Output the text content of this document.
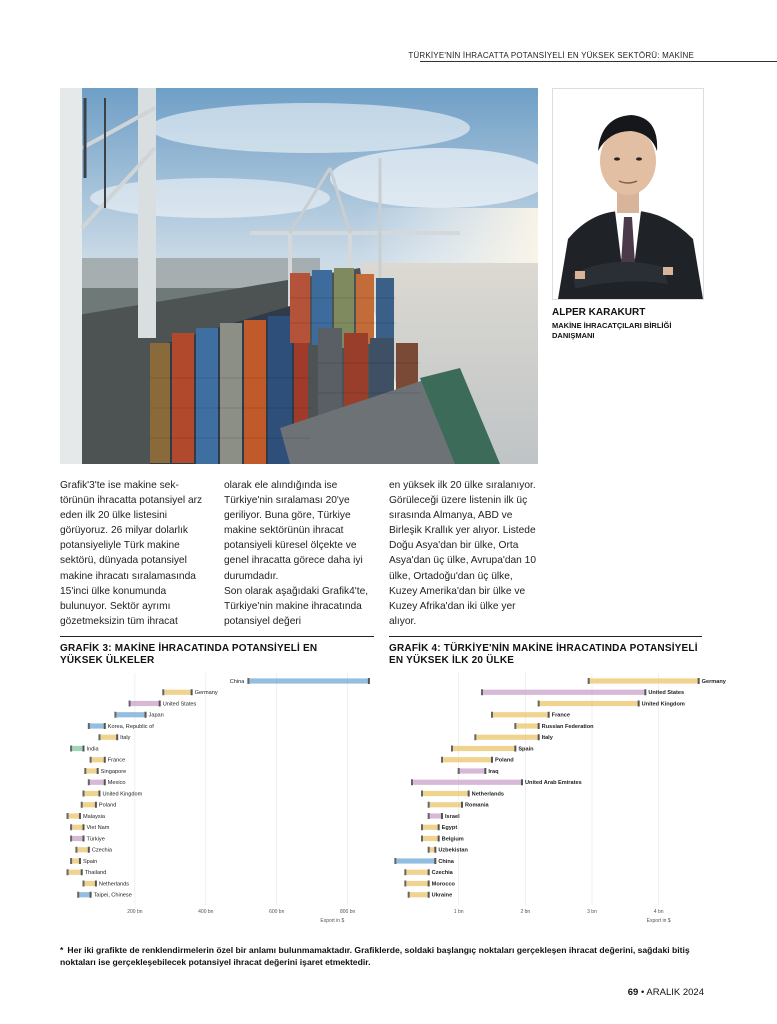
TÜRKİYE'NİN İHRACATTA POTANSİYELİ EN YÜKSEK SEKTÖRÜ: MAKİNE
ALPER KARAKURT
MAKİNE İHRACATÇILARI BİRLİĞİ DANIŞMANI

Grafik'3'te ise makine sektörünün ihracatta potansiyel arz eden ilk 20 ülke listesini görüyoruz. 26 milyar dolarlık potansiyeliyle Türk makine sektörü, dünyada potansiyel makine ihracatı sıralamasında 15'inci ülke konumunda bulunuyor. Sektör ayrımı gözetmeksizin tüm ihracat

olarak ele alındığında ise Türkiye'nin sıralaması 20'ye geriliyor. Buna göre, Türkiye makine sektörünün ihracat potansiyeli küresel ölçekte ve genel ihracatta görece daha iyi durumdadır.

Son olarak aşağıdaki Grafik4'te, Türkiye'nin makine ihracatında potansiyel değeri

en yüksek ilk 20 ülke sıralanıyor. Görüleceği üzere listenin ilk üç sırasında Almanya, ABD ve Birleşik Krallık yer alıyor. Listede Doğu Asya'dan bir ülke, Orta Asya'dan üç ülke, Avrupa'dan 10 ülke, Ortadoğu'dan üç ülke, Kuzey Amerika'dan bir ülke ve Kuzey Afrika'dan iki ülke yer alıyor.

GRAFİK 3: MAKİNE İHRACATINDA POTANSİYELİ EN YÜKSEK ÜLKELER
GRAFİK 4: TÜRKİYE'NİN MAKİNE İHRACATINDA POTANSİYELİ EN YÜKSEK İLK 20 ÜLKE
200 bn	400 bn	600 bn	800 bn
Export in $
China
Germany
United States
Japan
Korea, Republic of
Italy
India
France
Singapore
Mexico
United Kingdom
Poland
Malaysia
Viet Nam
Türkiye
Czechia
Spain
Thailand
Netherlands
Taipei, Chinese
1 bn	2 bn	3 bn	4 bn
Export in $
Germany
United States
United Kingdom
France
Russian Federation
Italy
Spain
Poland
Iraq
United Arab Emirates
Netherlands
Romania
Israel
Egypt
Belgium
Uzbekistan
China
Czechia
Morocco
Ukraine
* Her iki grafikte de renklendirmelerin özel bir anlamı bulunmamaktadır. Grafiklerde, soldaki başlangıç noktaları gerçekleşen ihracat değerini, sağdaki bitiş noktaları ise gerçekleşebilecek potansiyel ihracat değerini işaret etmektedir.
69 • ARALIK 2024
